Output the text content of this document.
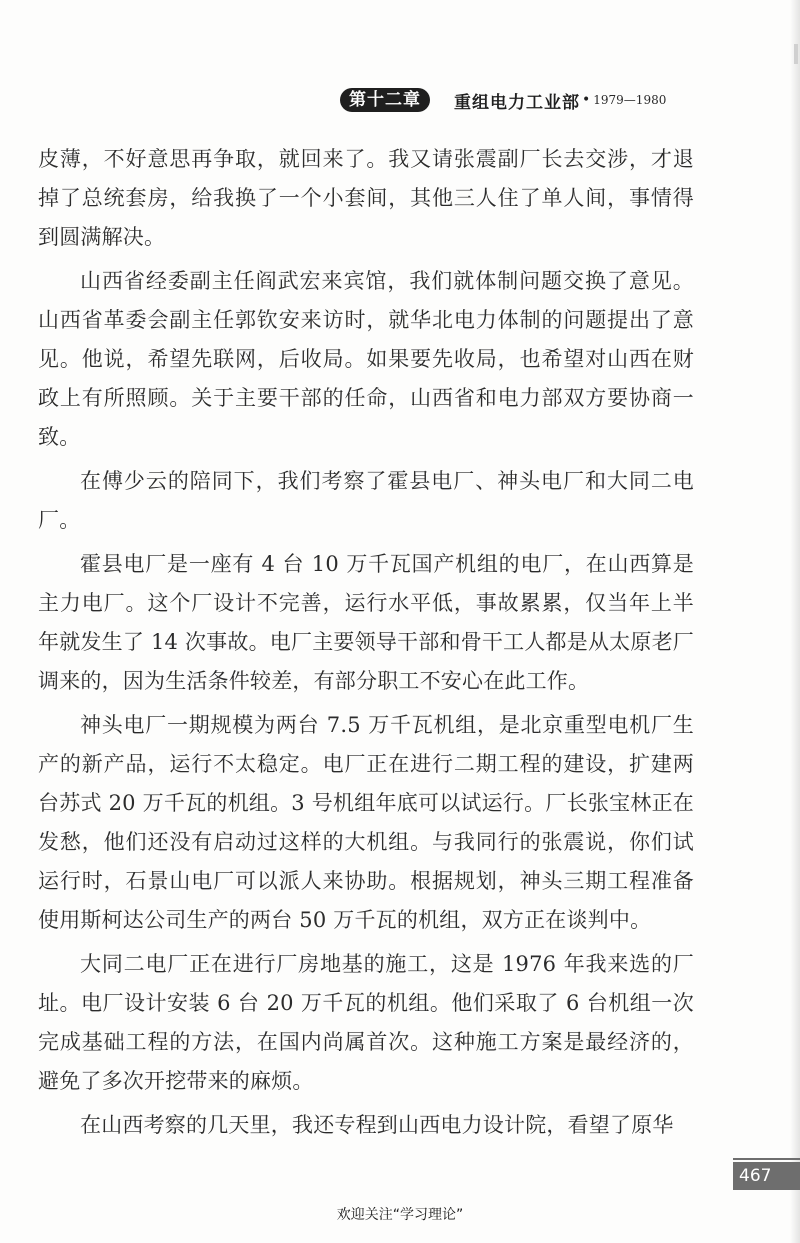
第十二章	重组电力工业部 • 1979—1980

皮薄，不好意思再争取，就回来了。我又请张震副厂长去交涉，才退掉了总统套房，给我换了一个小套间，其他三人住了单人间，事情得到圆满解决。

山西省经委副主任阎武宏来宾馆，我们就体制问题交换了意见。山西省革委会副主任郭钦安来访时，就华北电力体制的问题提出了意见。他说，希望先联网，后收局。如果要先收局，也希望对山西在财政上有所照顾。关于主要干部的任命，山西省和电力部双方要协商一致。

在傅少云的陪同下，我们考察了霍县电厂、神头电厂和大同二电厂。

霍县电厂是一座有 4 台 10 万千瓦国产机组的电厂，在山西算是主力电厂。这个厂设计不完善，运行水平低，事故累累，仅当年上半年就发生了 14 次事故。电厂主要领导干部和骨干工人都是从太原老厂调来的，因为生活条件较差，有部分职工不安心在此工作。

神头电厂一期规模为两台 7.5 万千瓦机组，是北京重型电机厂生产的新产品，运行不太稳定。电厂正在进行二期工程的建设，扩建两台苏式 20 万千瓦的机组。3 号机组年底可以试运行。厂长张宝林正在发愁，他们还没有启动过这样的大机组。与我同行的张震说，你们试运行时，石景山电厂可以派人来协助。根据规划，神头三期工程准备使用斯柯达公司生产的两台 50 万千瓦的机组，双方正在谈判中。

大同二电厂正在进行厂房地基的施工，这是 1976 年我来选的厂址。电厂设计安装 6 台 20 万千瓦的机组。他们采取了 6 台机组一次完成基础工程的方法，在国内尚属首次。这种施工方案是最经济的，避免了多次开挖带来的麻烦。

在山西考察的几天里，我还专程到山西电力设计院，看望了原华

467
欢迎关注“学习理论”
